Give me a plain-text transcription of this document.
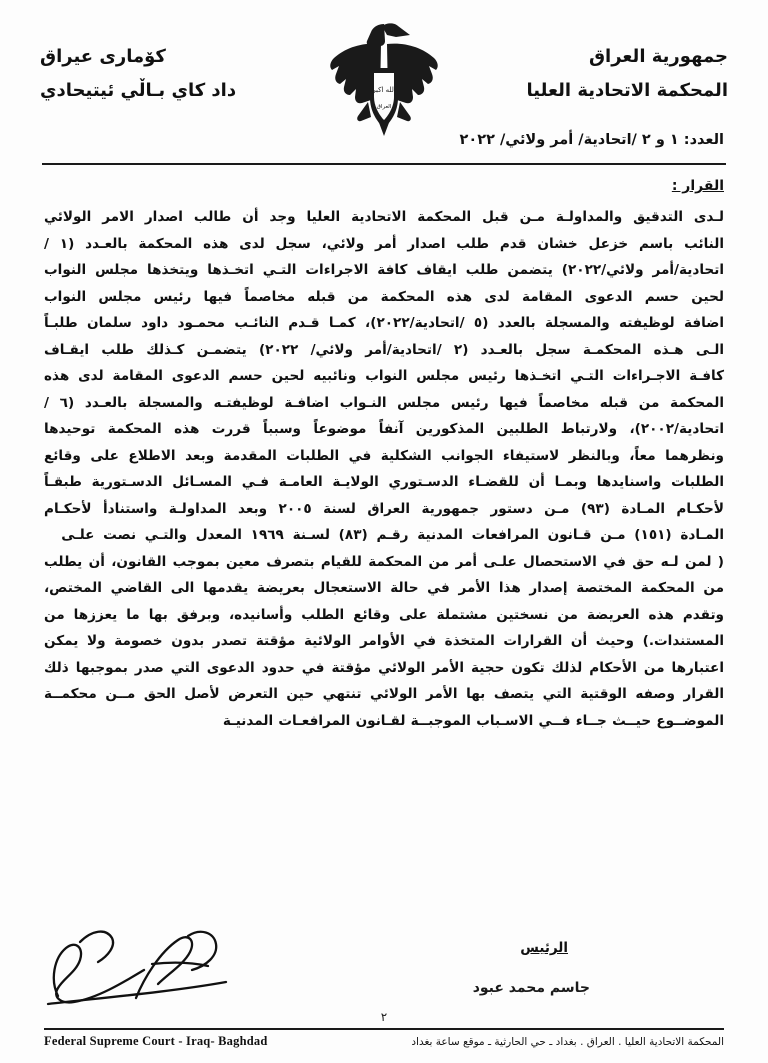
جمهورية العراق
المحكمة الاتحادية العليا
الله اكبر
العراق
كوٚماری عیراق
داد كاي بـالٚي ئيتيحادي
العدد: ١ و ٢ /اتحادية/ أمر ولائي/ ٢٠٢٢
القرار :
لـدى التدقيق والمداولـة مـن قبل المحكمة الاتحادية العليا وجد أن طالب اصدار الامر الولائي النائب باسم خزعل خشان قدم طلب اصدار أمر ولائي، سجل لدى هذه المحكمة بالعـدد (١ /اتحادية/أمر ولائي/٢٠٢٢) يتضمن طلب ايقاف كافة الاجراءات التـي اتخـذها ويتخذها مجلس النواب لحين حسم الدعوى المقامة لدى هذه المحكمة من قبله مخاصماً فيها رئيس مجلس النواب اضافة لوظيفته والمسجلة بالعدد (٥ /اتحادية/٢٠٢٢)، كمـا قـدم النائـب محمـود داود سلمان طلبـاً الـى هـذه المحكمـة سجل بالعـدد (٢ /اتحادية/أمر ولائي/ ٢٠٢٢) يتضمـن كـذلك طلب ايقـاف كافـة الاجـراءات التـي اتخـذها رئيس مجلس النواب ونائبيه لحين حسم الدعوى المقامة لدى هذه المحكمة من قبله مخاصماً فيها رئيس مجلس النـواب اضافـة لوظيفتـه والمسجلة بالعـدد (٦ /اتحادية/٢٠٠٢)، ولارتباط الطلبين المذكورين آنفاً موضوعاً وسبباً قررت هذه المحكمة توحيدها ونظرهما معاً، وبالنظر لاستيفاء الجوانب الشكلية في الطلبات المقدمة وبعد الاطلاع على وقائع الطلبات واسنايدها وبمـا أن للقضـاء الدسـتوري الولايـة العامـة فـي المسـائل الدسـتورية طبقـاً لأحكـام المـادة (٩٣) مـن دستور جمهورية العراق لسنة ٢٠٠٥ وبعد المداولـة واستنادأ لأحكـام المـادة (١٥١) مـن قـانون المرافعات المدنية رقـم (٨٣) لسـنة ١٩٦٩ المعدل والتـي نصت علـى
( لمن لـه حق في الاستحصال علـى أمر من المحكمة للقيام بتصرف معين بموجب القانون، أن يطلب من المحكمة المختصة إصدار هذا الأمر في حالة الاستعجال بعريضة يقدمها الى القاضي المختص، وتقدم هذه العريضة من نسختين مشتملة على وقائع الطلب وأسانيده، وبرفق بها ما يعززها من المستندات.) وحيث أن القرارات المتخذة في الأوامر الولائية مؤقتة تصدر بدون خصومة ولا يمكن اعتبارها من الأحكام لذلك تكون حجية الأمر الولائي مؤقتة في حدود الدعوى التي صدر بموجبها ذلك القرار وصفه الوقتية التي يتصف بها الأمر الولائي تنتهي حين التعرض لأصل الحق مــن محكمــة الموضــوع حيــث جــاء فــي الاسـباب الموجبــة لقـانون المرافعـات المدنيـة
الرئيس
جاسم محمد عبود
٢
Federal Supreme Court - Iraq- Baghdad	المحكمة الاتحادية العليا . العراق . بغداد ـ حي الحارثية ـ موقع ساعة بغداد
